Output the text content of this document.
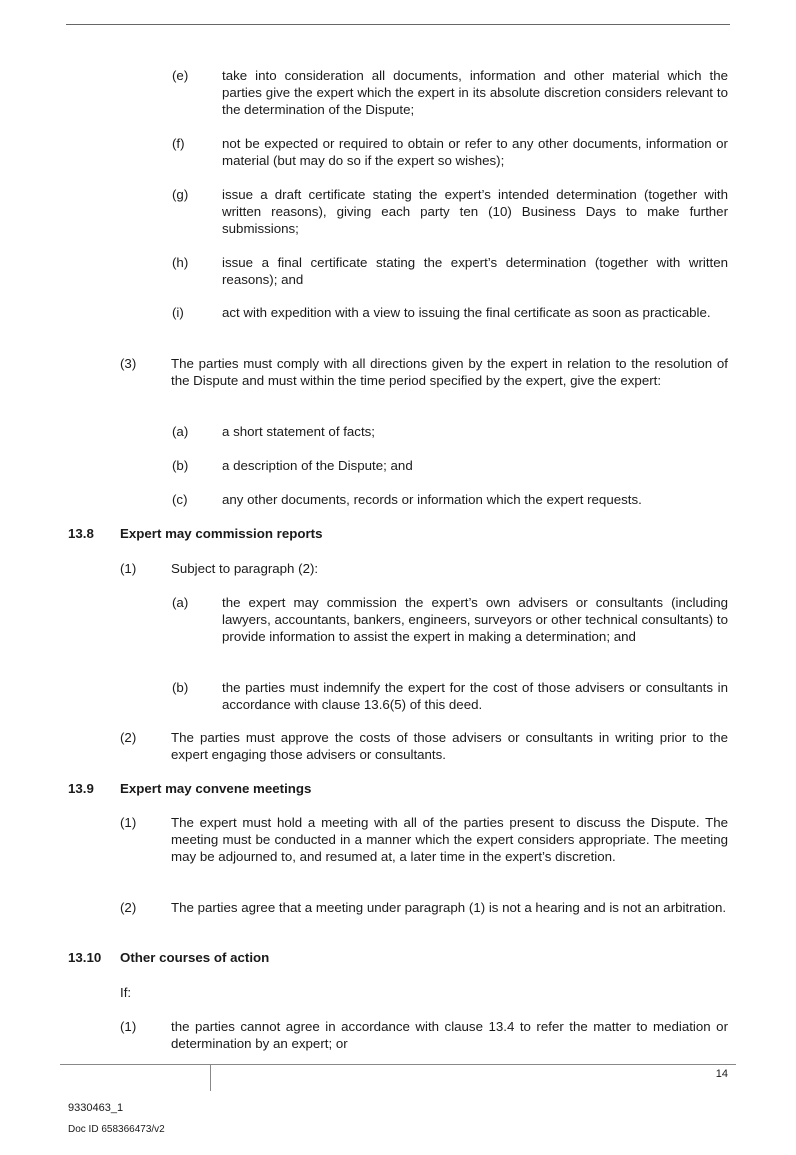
(e)	take into consideration all documents, information and other material which the parties give the expert which the expert in its absolute discretion considers relevant to the determination of the Dispute;
(f)	not be expected or required to obtain or refer to any other documents, information or material (but may do so if the expert so wishes);
(g)	issue a draft certificate stating the expert’s intended determination (together with written reasons), giving each party ten (10) Business Days to make further submissions;
(h)	issue a final certificate stating the expert’s determination (together with written reasons); and
(i)	act with expedition with a view to issuing the final certificate as soon as practicable.
(3)	The parties must comply with all directions given by the expert in relation to the resolution of the Dispute and must within the time period specified by the expert, give the expert:
(a)	a short statement of facts;
(b)	a description of the Dispute; and
(c)	any other documents, records or information which the expert requests.
13.8 Expert may commission reports
(1)	Subject to paragraph (2):
(a)	the expert may commission the expert’s own advisers or consultants (including lawyers, accountants, bankers, engineers, surveyors or other technical consultants) to provide information to assist the expert in making a determination; and
(b)	the parties must indemnify the expert for the cost of those advisers or consultants in accordance with clause 13.6(5) of this deed.
(2)	The parties must approve the costs of those advisers or consultants in writing prior to the expert engaging those advisers or consultants.
13.9 Expert may convene meetings
(1)	The expert must hold a meeting with all of the parties present to discuss the Dispute. The meeting must be conducted in a manner which the expert considers appropriate. The meeting may be adjourned to, and resumed at, a later time in the expert’s discretion.
(2)	The parties agree that a meeting under paragraph (1) is not a hearing and is not an arbitration.
13.10 Other courses of action
If:
(1)	the parties cannot agree in accordance with clause 13.4 to refer the matter to mediation or determination by an expert; or
14
9330463_1
Doc ID 658366473/v2
